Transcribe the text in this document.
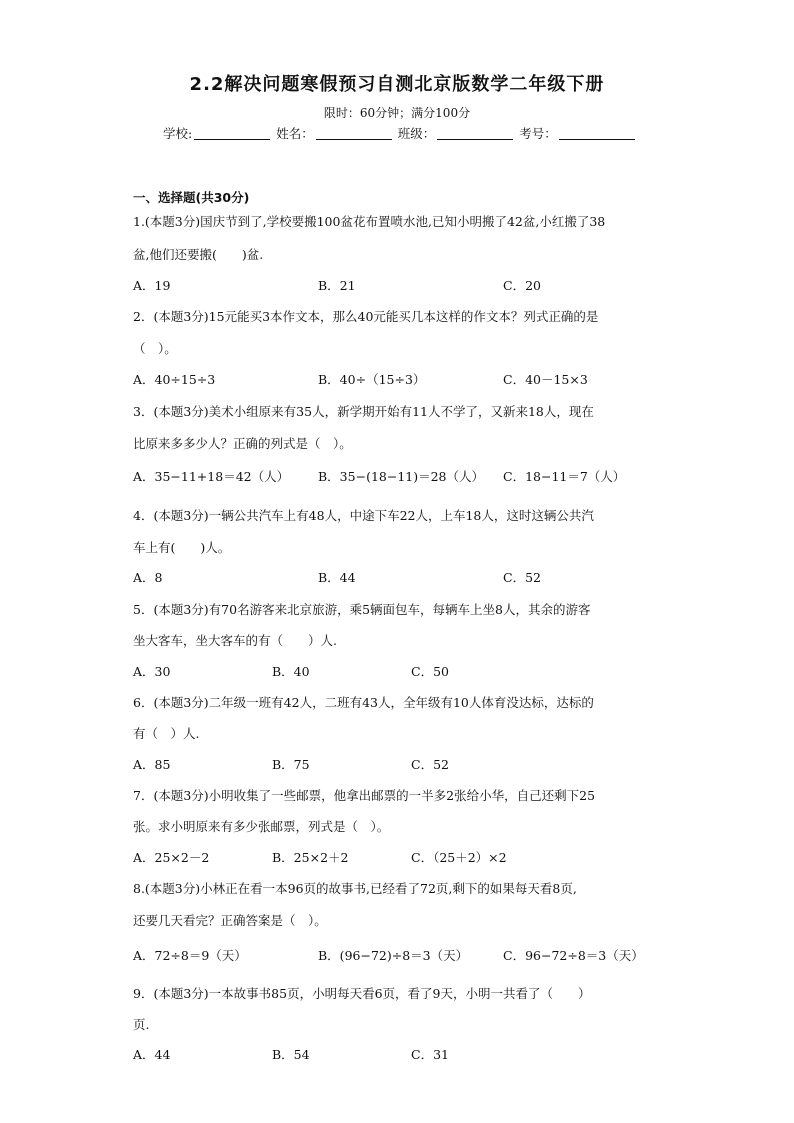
2.2解决问题寒假预习自测北京版数学二年级下册
限时：60分钟；满分100分
学校:	姓名：	班级：	考号：
一、选择题(共30分)
1.(本题3分)国庆节到了,学校要搬100盆花布置喷水池,已知小明搬了42盆,小红搬了38
盆,他们还要搬(　　)盆.
A．19	B．21	C．20
2．(本题3分)15元能买3本作文本，那么40元能买几本这样的作文本？列式正确的是
（　）。
A．40÷15÷3	B．40÷（15÷3）	C．40－15×3
3．(本题3分)美术小组原来有35人，新学期开始有11人不学了，又新来18人，现在
比原来多多少人？正确的列式是（　）。
A．35−11+18＝42（人） B．35−(18−11)＝28（人） C．18−11＝7（人）
4．(本题3分)一辆公共汽车上有48人，中途下车22人，上车18人，这时这辆公共汽
车上有(　　)人。
A．8	B．44	C．52
5．(本题3分)有70名游客来北京旅游，乘5辆面包车，每辆车上坐8人，其余的游客
坐大客车，坐大客车的有（　　）人.
A．30	B．40	C．50
6．(本题3分)二年级一班有42人，二班有43人，全年级有10人体育没达标，达标的
有（　）人.
A．85	B．75	C．52
7．(本题3分)小明收集了一些邮票，他拿出邮票的一半多2张给小华，自己还剩下25
张。求小明原来有多少张邮票，列式是（　）。
A．25×2－2	B．25×2＋2	C．（25＋2）×2
8.(本题3分)小林正在看一本96页的故事书,已经看了72页,剩下的如果每天看8页,
还要几天看完？正确答案是（　）。
A．72÷8＝9（天）	B．(96−72)÷8＝3（天）	C．96−72÷8＝3（天）
9．(本题3分)一本故事书85页，小明每天看6页，看了9天，小明一共看了（　　）
页.
A．44	B．54	C．31
